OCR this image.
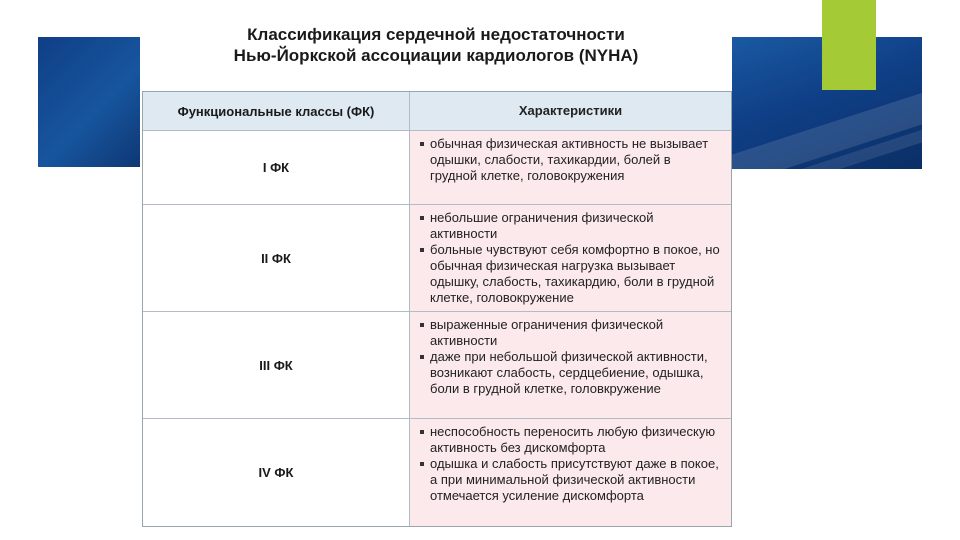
Классификация сердечной недостаточности
Нью-Йоркской ассоциации кардиологов (NYHA)
Функциональные классы (ФК)	Характеристики
I ФК
обычная физическая активность не вызывает одышки, слабости, тахикардии, болей в грудной клетке, головокружения
II ФК
небольшие ограничения физической активности
больные чувствуют себя комфортно в покое, но обычная физическая нагрузка вызывает одышку, слабость, тахикардию, боли в грудной клетке, головокружение
III ФК
выраженные ограничения физической активности
даже при небольшой физической активности, возникают слабость, сердцебиение, одышка, боли в грудной клетке, головкружение
IV ФК
неспособность переносить любую физическую активность без дискомфорта
одышка и слабость присутствуют даже в покое, а при минимальной физической активности отмечается усиление дискомфорта
